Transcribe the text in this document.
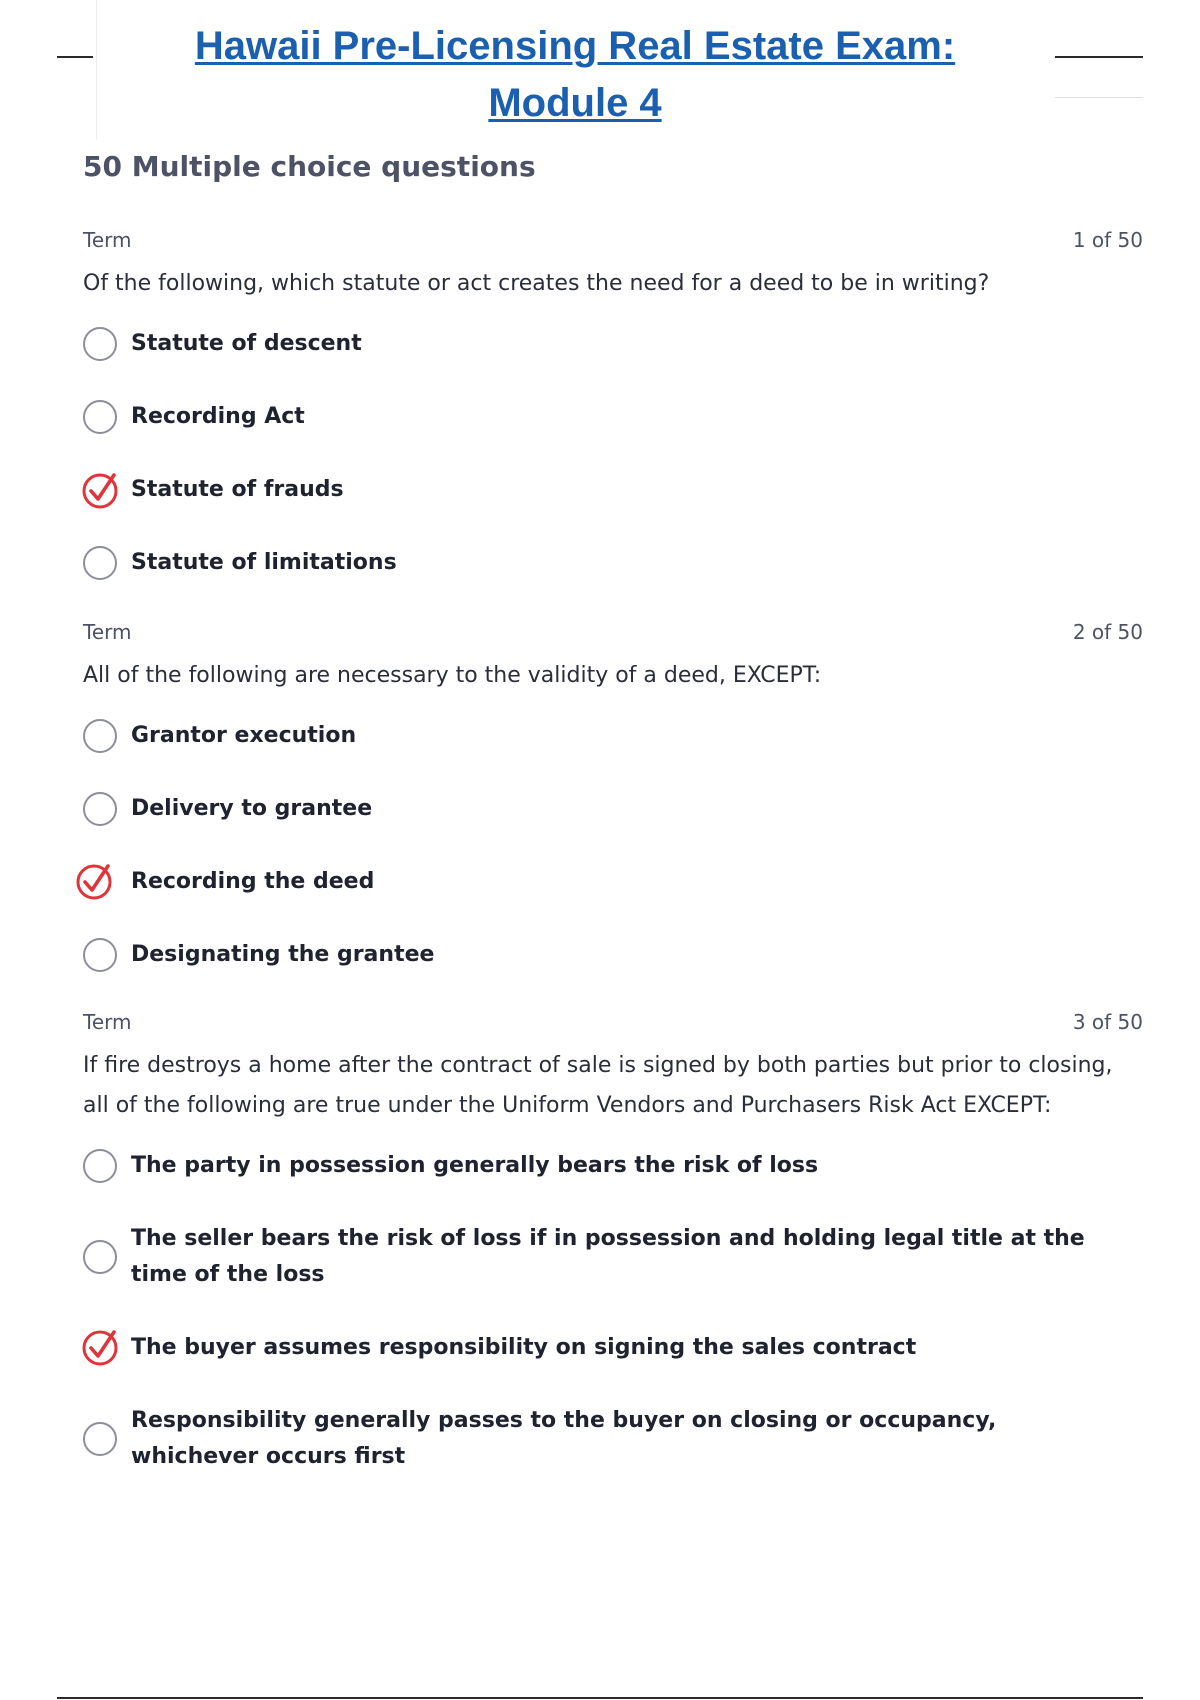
Hawaii Pre-Licensing Real Estate Exam:
Module 4
50 Multiple choice questions
Term	1 of 50
Of the following, which statute or act creates the need for a deed to be in writing?
Statute of descent
Recording Act
Statute of frauds
Statute of limitations
Term	2 of 50
All of the following are necessary to the validity of a deed, EXCEPT:
Grantor execution
Delivery to grantee
Recording the deed
Designating the grantee
Term	3 of 50
If fire destroys a home after the contract of sale is signed by both parties but prior to closing, all of the following are true under the Uniform Vendors and Purchasers Risk Act EXCEPT:
The party in possession generally bears the risk of loss
The seller bears the risk of loss if in possession and holding legal title at the time of the loss
The buyer assumes responsibility on signing the sales contract
Responsibility generally passes to the buyer on closing or occupancy, whichever occurs first
